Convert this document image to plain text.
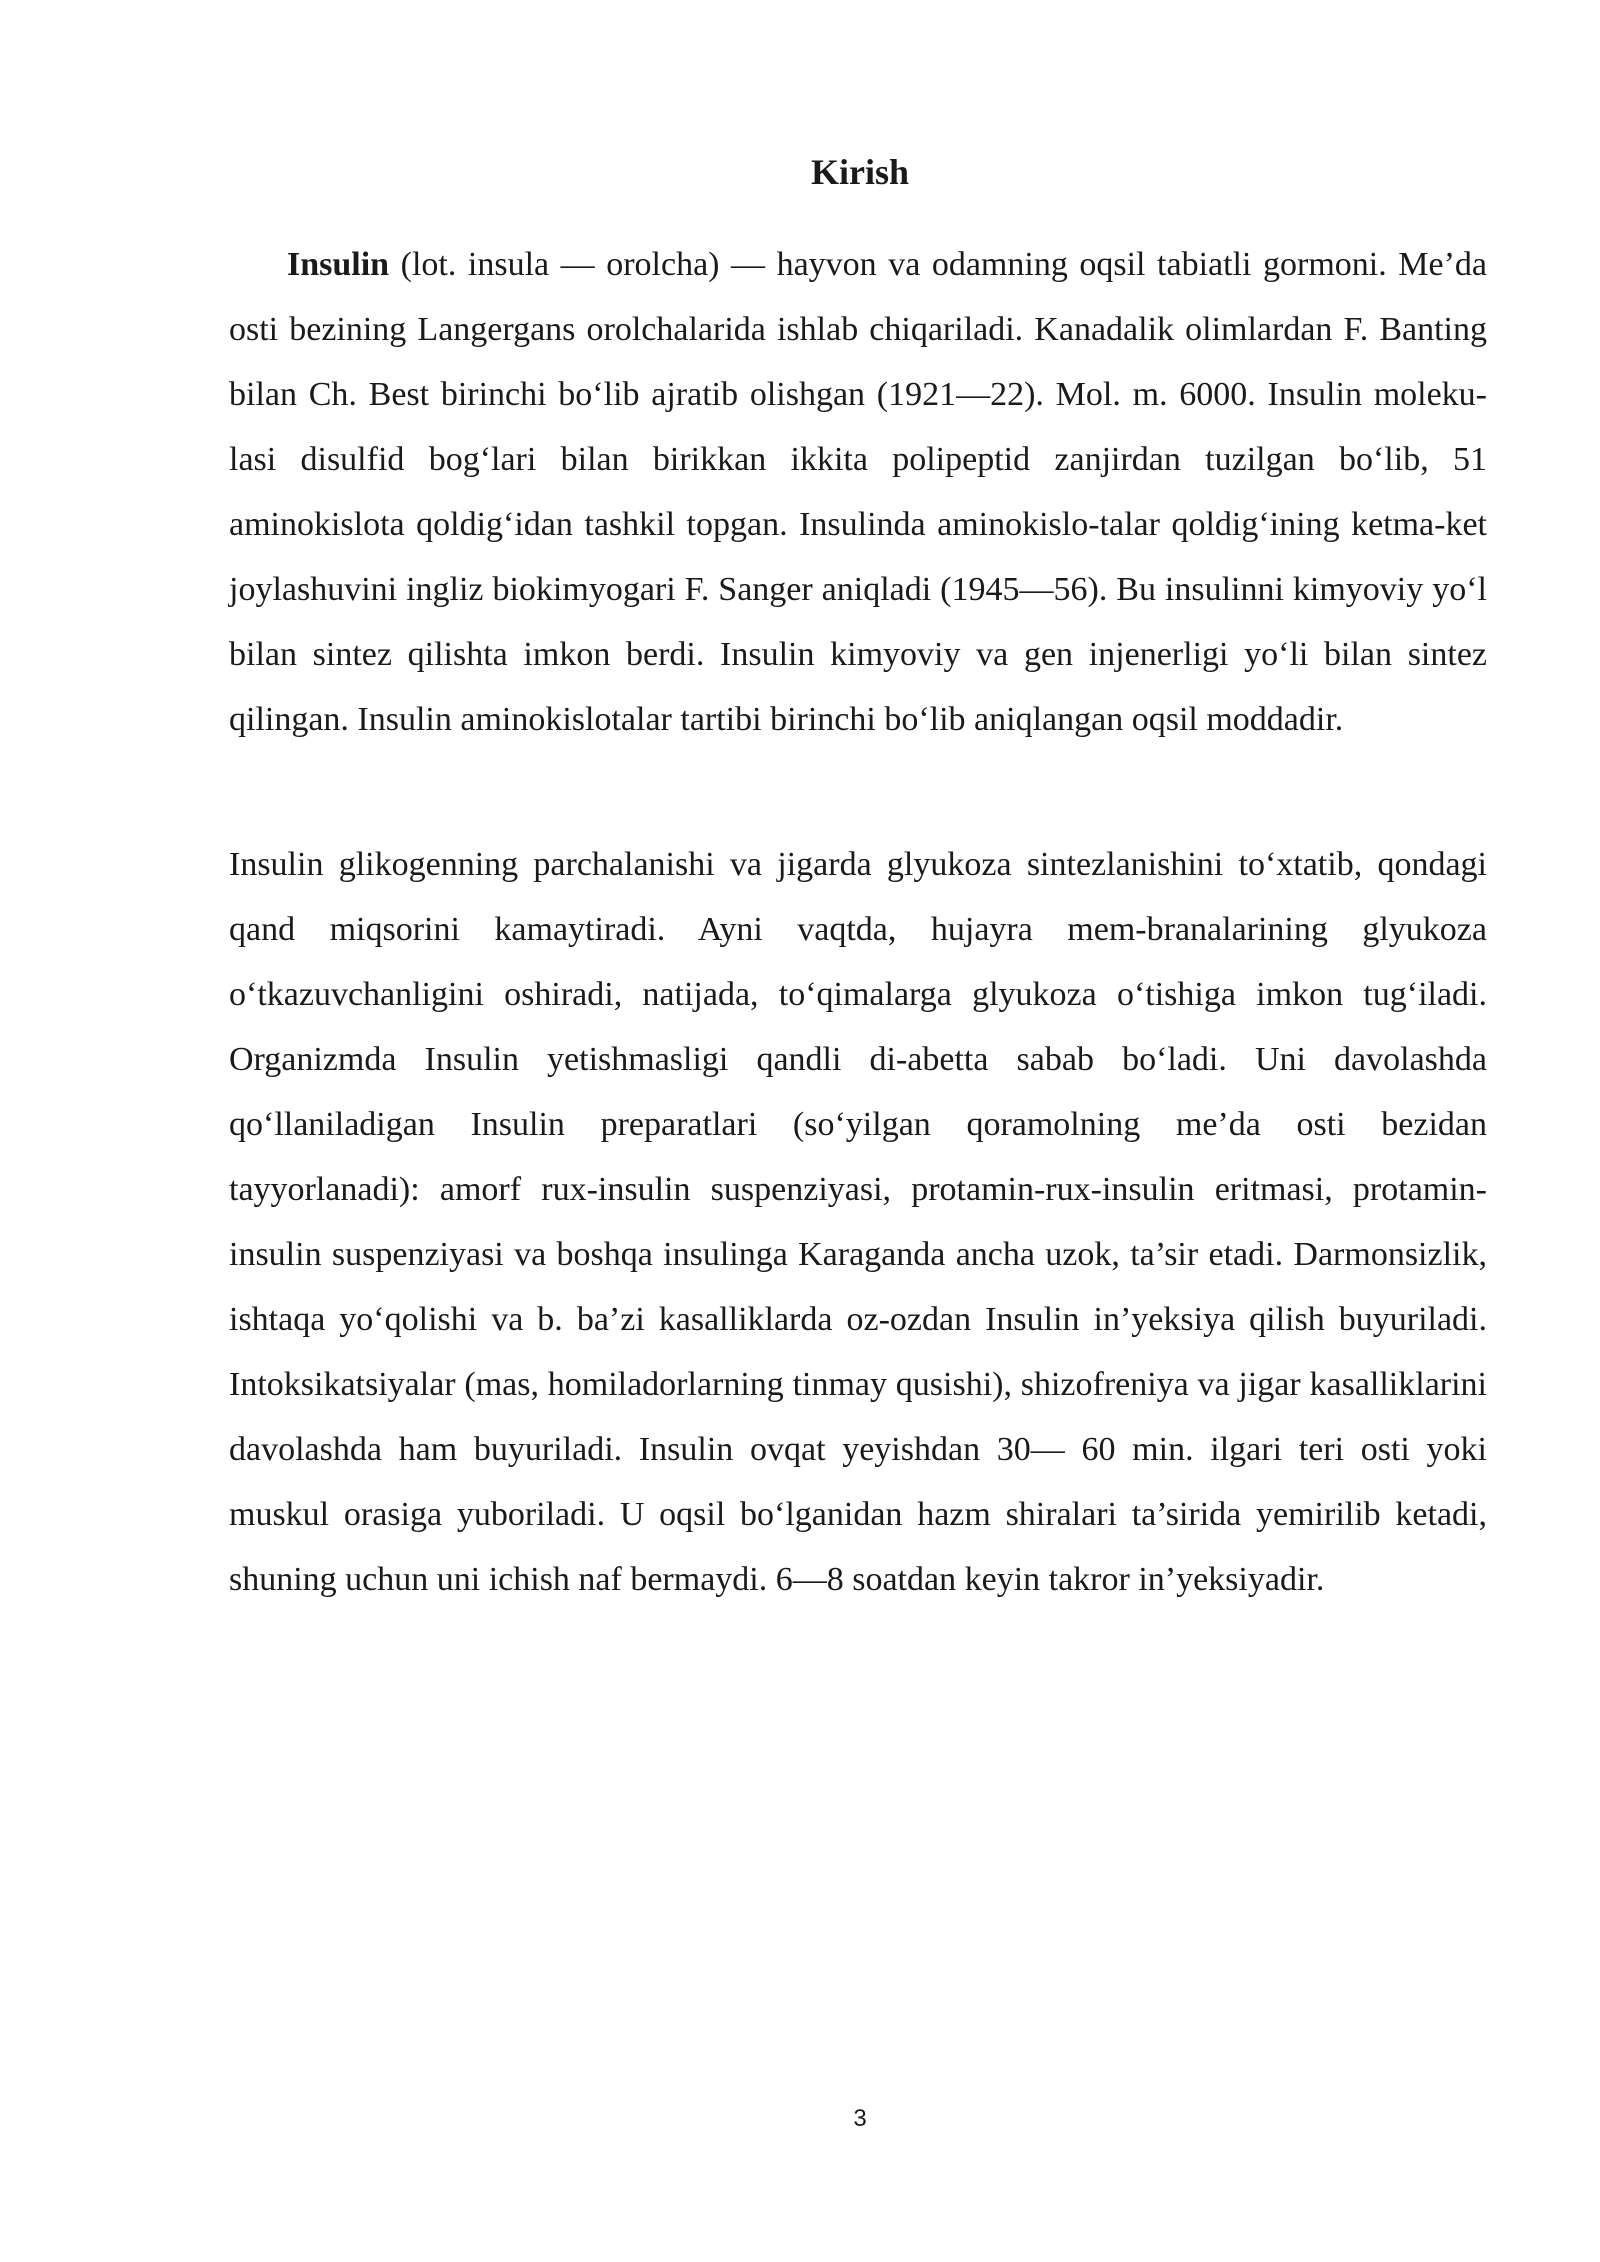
Kirish

Insulin (lot. insula — orolcha) — hayvon va odamning oqsil tabiatli gormoni. Me’da osti bezining Langergans orolchalarida ishlab chiqariladi. Kanadalik olimlardan F. Banting bilan Ch. Best birinchi bo‘lib ajratib olishgan (1921—22). Mol. m. 6000. Insulin moleku-lasi disulfid bog‘lari bilan birikkan ikkita polipeptid zanjirdan tuzilgan bo‘lib, 51 aminokislota qoldig‘idan tashkil topgan. Insulinda aminokislo-talar qoldig‘ining ketma-ket joylashuvini ingliz biokimyogari F. Sanger aniqladi (1945—56). Bu insulinni kimyoviy yo‘l bilan sintez qilishta imkon berdi. Insulin kimyoviy va gen injenerligi yo‘li bilan sintez qilingan. Insulin aminokislotalar tartibi birinchi bo‘lib aniqlangan oqsil moddadir.

Insulin glikogenning parchalanishi va jigarda glyukoza sintezlanishini to‘xtatib, qondagi qand miqsorini kamaytiradi. Ayni vaqtda, hujayra mem-branalarining glyukoza o‘tkazuvchanligini oshiradi, natijada, to‘qimalarga glyukoza o‘tishiga imkon tug‘iladi. Organizmda Insulin yetishmasligi qandli di-abetta sabab bo‘ladi. Uni davolashda qo‘llaniladigan Insulin preparatlari (so‘yilgan qoramolning me’da osti bezidan tayyorlanadi): amorf rux-insulin suspenziyasi, protamin-rux-insulin eritmasi, protamin-insulin suspenziyasi va boshqa insulinga Karaganda ancha uzok, ta’sir etadi. Darmonsizlik, ishtaqa yo‘qolishi va b. ba’zi kasalliklarda oz-ozdan Insulin in’yeksiya qilish buyuriladi. Intoksikatsiyalar (mas, homiladorlarning tinmay qusishi), shizofreniya va jigar kasalliklarini davolashda ham buyuriladi. Insulin ovqat yeyishdan 30— 60 min. ilgari teri osti yoki muskul orasiga yuboriladi. U oqsil bo‘lganidan hazm shiralari ta’sirida yemirilib ketadi, shuning uchun uni ichish naf bermaydi. 6—8 soatdan keyin takror in’yeksiyadir.

3
